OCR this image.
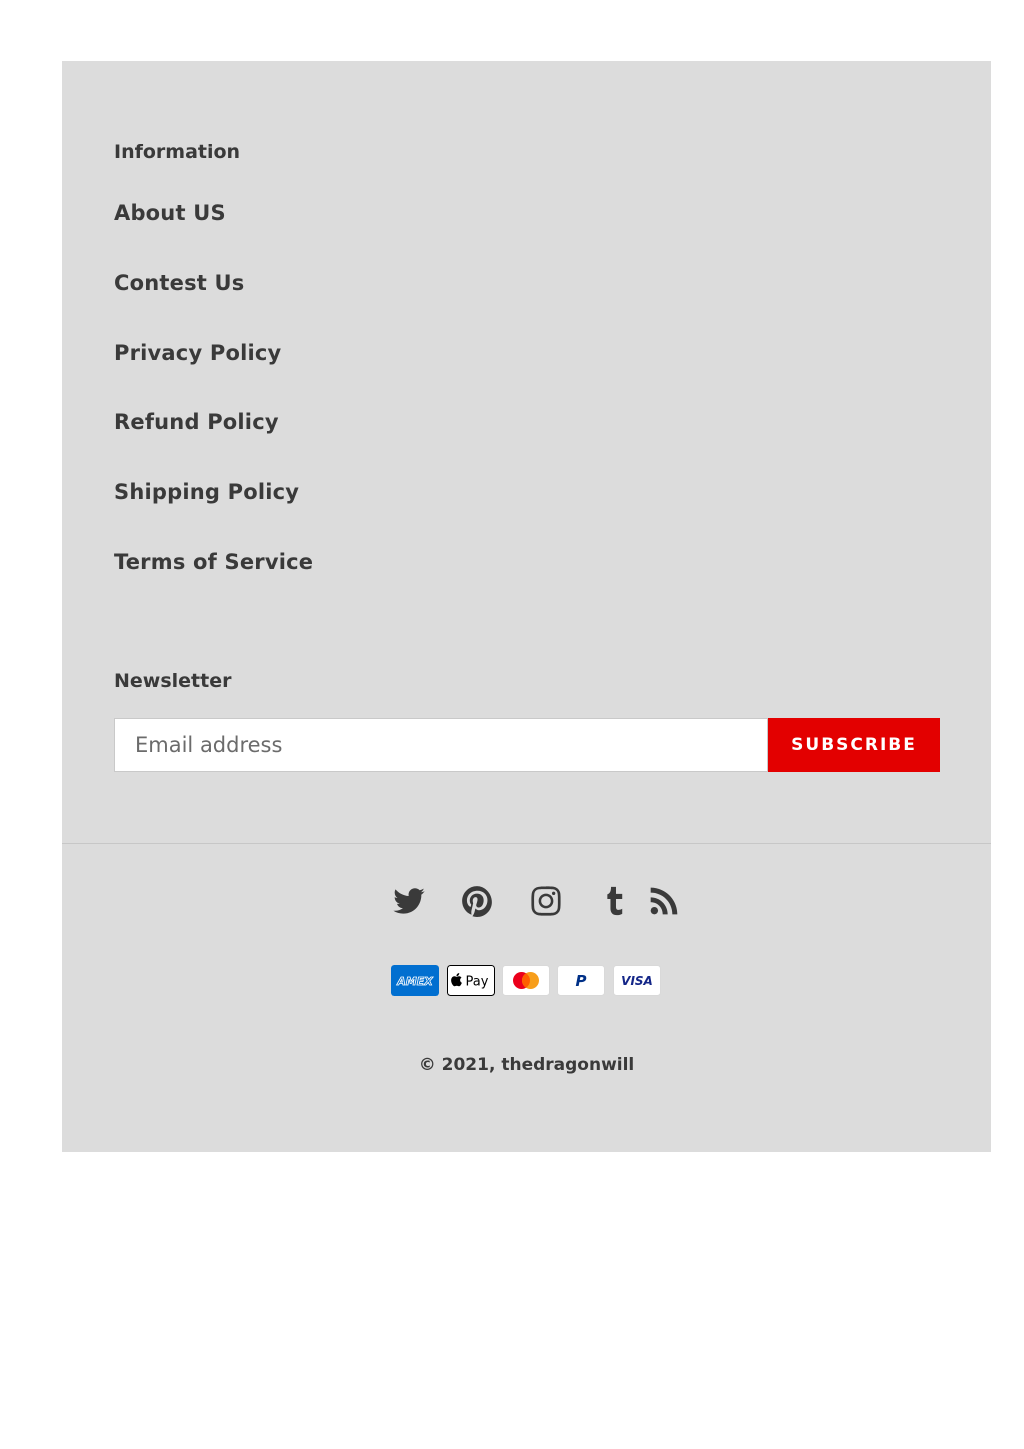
Information
About US
Contest Us
Privacy Policy
Refund Policy
Shipping Policy
Terms of Service
Newsletter
Email address
SUBSCRIBE
AMEX	Pay	P	VISA
© 2021, thedragonwill
